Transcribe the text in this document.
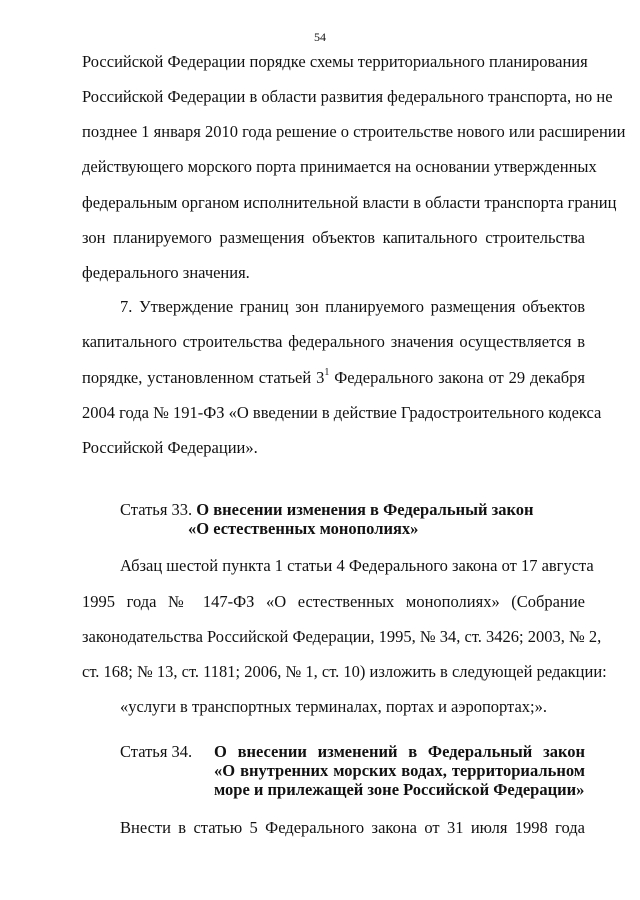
54
Российской Федерации порядке схемы территориального планирования
Российской Федерации в области развития федерального транспорта, но не
позднее 1 января 2010 года решение о строительстве нового или расширении
действующего морского порта принимается на основании утвержденных
федеральным органом исполнительной власти в области транспорта границ
зон планируемого размещения объектов капитального строительства
федерального значения.
7. Утверждение границ зон планируемого размещения объектов
капитального строительства федерального значения осуществляется в
порядке, установленном статьей $3^1$ Федерального закона от 29 декабря
2004 года № 191-ФЗ «О введении в действие Градостроительного кодекса
Российской Федерации».
Статья 33. О внесении изменения в Федеральный закон
«О естественных монополиях»
Абзац шестой пункта 1 статьи 4 Федерального закона от 17 августа
1995 года № 147-ФЗ «О естественных монополиях» (Собрание
законодательства Российской Федерации, 1995, № 34, ст. 3426; 2003, № 2,
ст. 168; № 13, ст. 1181; 2006, № 1, ст. 10) изложить в следующей редакции:
«услуги в транспортных терминалах, портах и аэропортах;».
Статья 34. О внесении изменений в Федеральный закон
«О внутренних морских водах, территориальном
море и прилежащей зоне Российской Федерации»
Внести в статью 5 Федерального закона от 31 июля 1998 года
